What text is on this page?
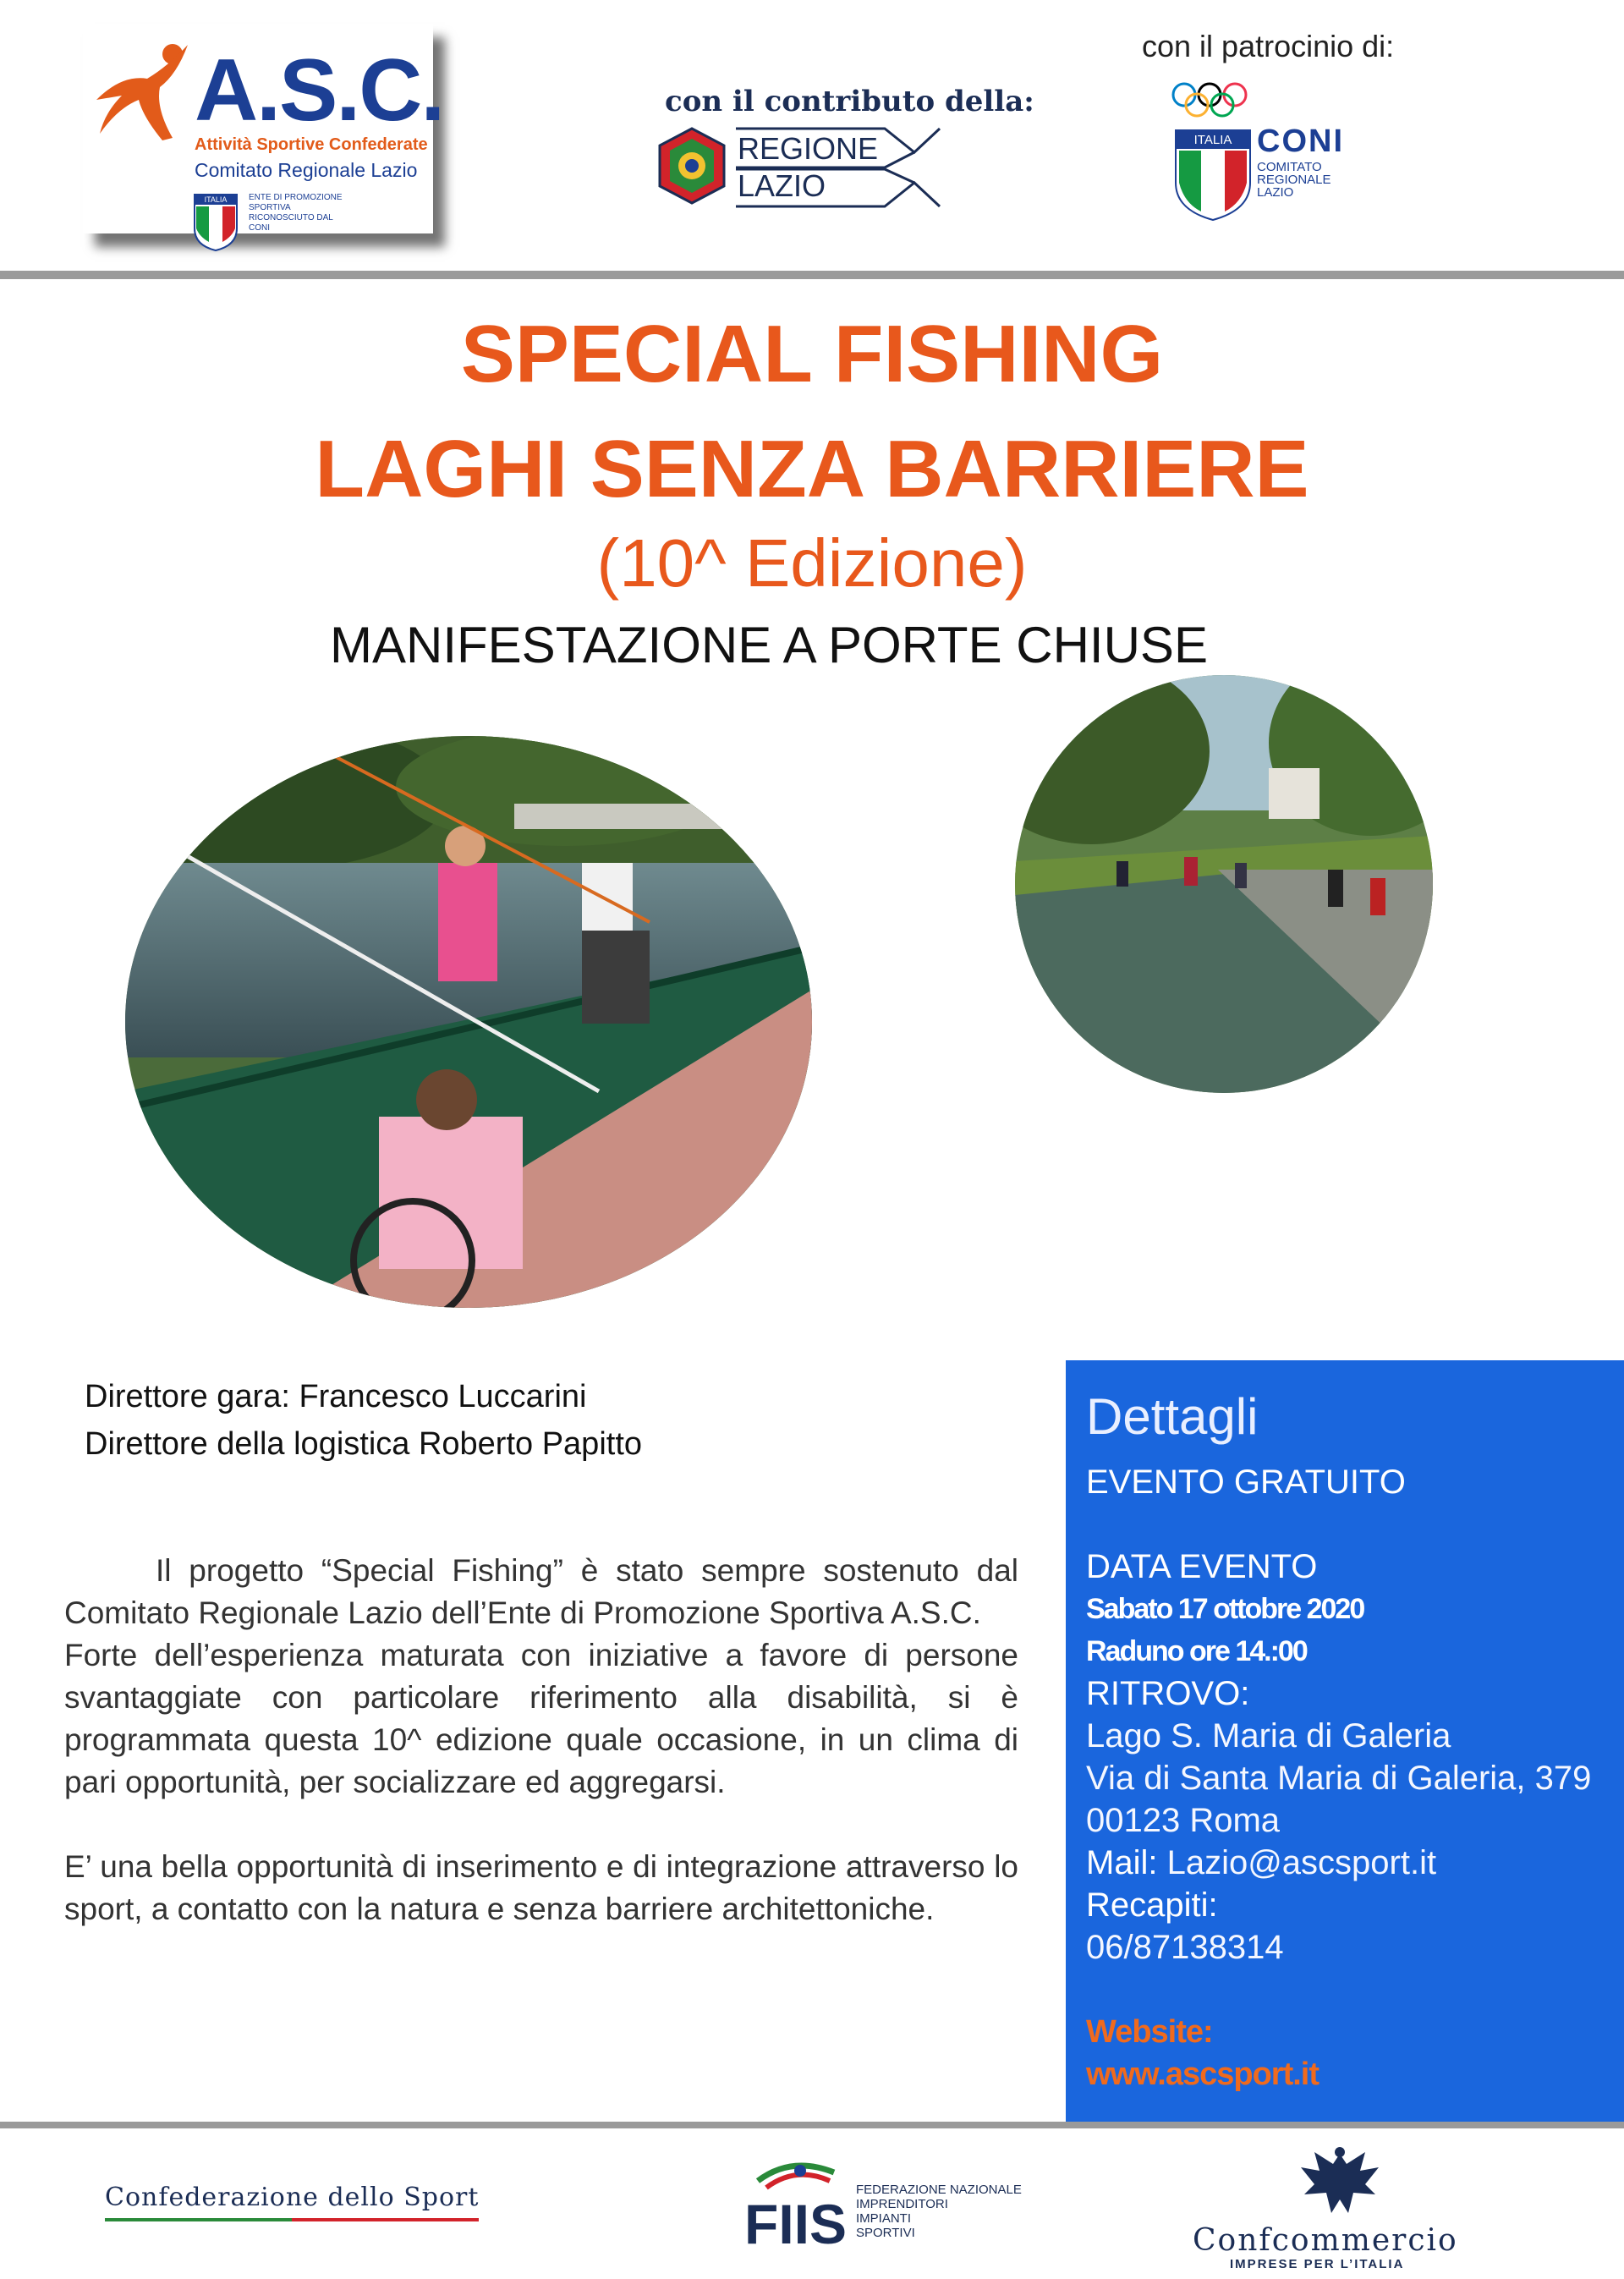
A.S.C.
Attività Sportive Confederate
Comitato Regionale Lazio
ITALIA	ENTE DI PROMOZIONE SPORTIVA RICONOSCIUTO DAL CONI
con il contributo della:
REGIONE
LAZIO
con il patrocinio di:
ITALIA CONI
COMITATO
REGIONALE
LAZIO
SPECIAL FISHING
LAGHI SENZA BARRIERE
(10^ Edizione)
MANIFESTAZIONE A PORTE CHIUSE
Direttore gara: Francesco Luccarini
Direttore della logistica Roberto Papitto

Il progetto “Special Fishing” è stato sempre sostenuto dal Comitato Regionale Lazio dell’Ente di Promozione Sportiva A.S.C.

Forte dell’esperienza maturata con iniziative a favore di persone svantaggiate con particolare riferimento alla disabilità, si è programmata questa 10^ edizione quale occasione, in un clima di pari opportunità, per socializzare ed aggregarsi.

E’ una bella opportunità di inserimento e di integrazione attraverso lo sport, a contatto con la natura e senza barriere architettoniche.

Dettagli
EVENTO GRATUITO
DATA EVENTO
Sabato 17 ottobre 2020
Raduno ore 14.:00
RITROVO:
Lago S. Maria di Galeria
Via di Santa Maria di Galeria, 379
00123 Roma
Mail: Lazio@ascsport.it
Recapiti:
06/87138314
Website:
www.ascsport.it
Confederazione dello Sport	FIIS
FEDERAZIONE NAZIONALE
IMPRENDITORI
IMPIANTI
SPORTIVI	Confcommercio
IMPRESE PER L’ITALIA
